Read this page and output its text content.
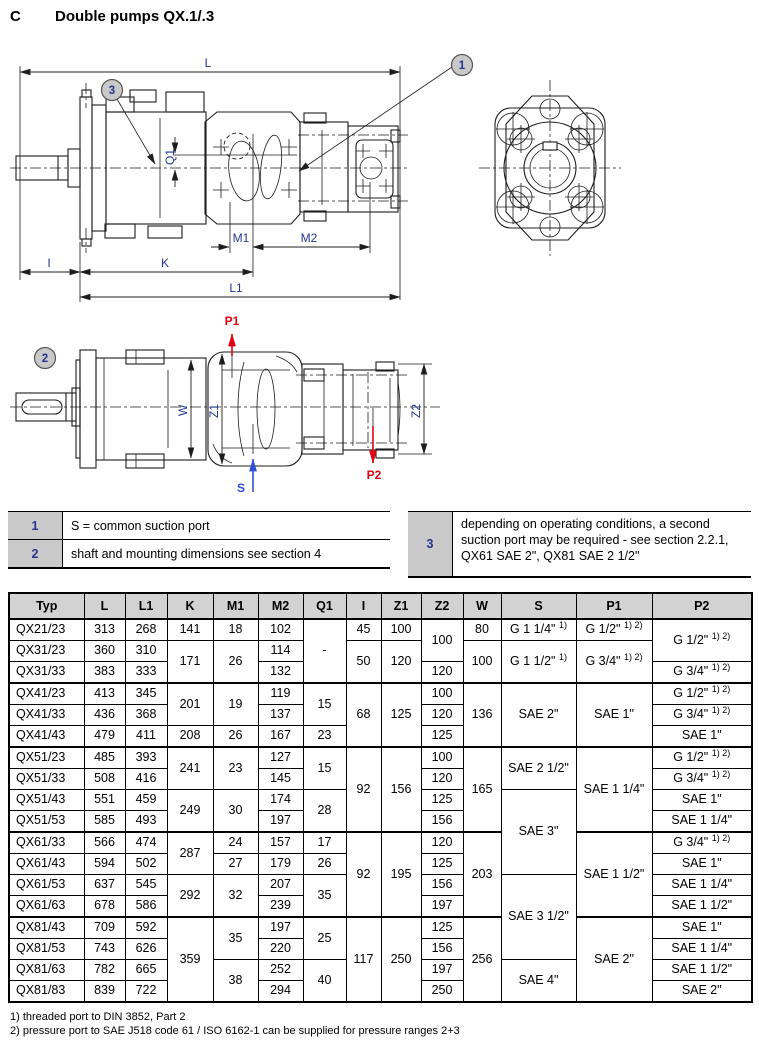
C Double pumps QX.1/.3
L
Q1
M1	M2
I	K
L1
1
3
W Z1	Z2
P1
S
P2
2
1	S = common suction port
2	shaft and mounting dimensions see section 4
3
depending on operating conditions, a second suction port may be required - see section 2.2.1, QX61 SAE 2", QX81 SAE 2 1/2"
Typ	L	L1	K	M1	M2	Q1	I	Z1	Z2	W	S	P1	P2
QX21/23	313	268	141	18	102	-	45	100	100	80	G 1 1/4" $^{1)}$	G 1/2" $^{1) 2)}$	G 1/2" $^{1) 2)}$
QX31/23	360	310	171	26	114		50	120		100	G 1 1/2" $^{1)}$	G 3/4" $^{1) 2)}$
QX31/33	383	333			132				120				G 3/4" $^{1) 2)}$
QX41/23	413	345	201	19	119	15	68	125	100	136	SAE 2"	SAE 1"	G 1/2" $^{1) 2)}$
QX41/33	436	368			137				120				G 3/4" $^{1) 2)}$
QX41/43	479	411	208	26	167	23			125				SAE 1"
QX51/23	485	393	241	23	127	15	92	156	100	165	SAE 2 1/2"	SAE 1 1/4"	G 1/2" $^{1) 2)}$
QX51/33	508	416			145				120				G 3/4" $^{1) 2)}$
QX51/43	551	459	249	30	174	28			125		SAE 3"		SAE 1"
QX51/53	585	493			197				156				SAE 1 1/4"
QX61/33	566	474	287	24	157	17	92	195	120	203		SAE 1 1/2"	G 3/4" $^{1) 2)}$
QX61/43	594	502		27	179	26			125				SAE 1"
QX61/53	637	545	292	32	207	35			156		SAE 3 1/2"		SAE 1 1/4"
QX61/63	678	586			239				197				SAE 1 1/2"
QX81/43	709	592	359	35	197	25	117	250	125	256		SAE 2"	SAE 1"
QX81/53	743	626			220				156				SAE 1 1/4"
QX81/63	782	665		38	252	40			197		SAE 4"		SAE 1 1/2"
QX81/83	839	722			294				250				SAE 2"
1) threaded port to DIN 3852, Part 2
2) pressure port to SAE J518 code 61 / ISO 6162-1 can be supplied for pressure ranges 2+3
